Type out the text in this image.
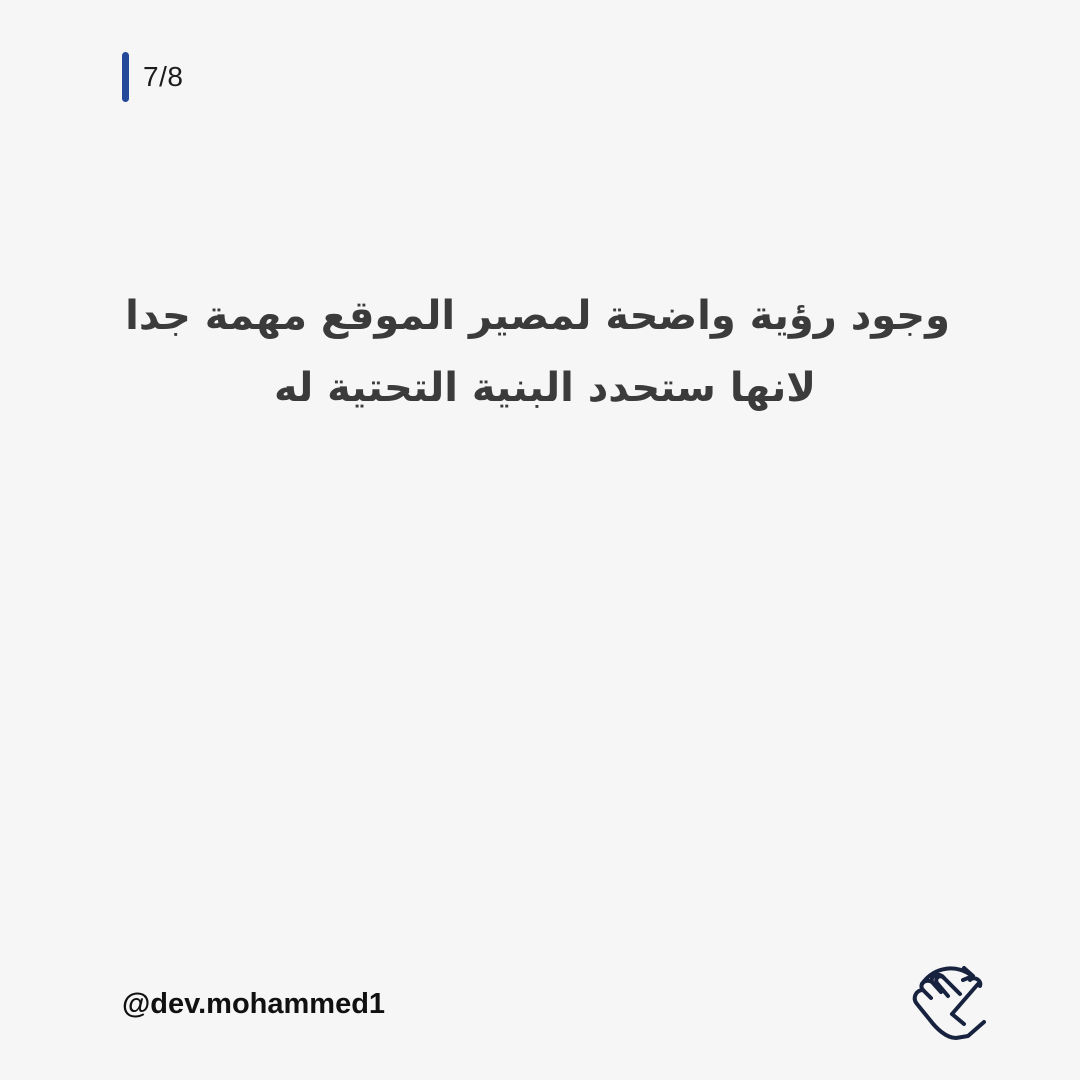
7/8
وجود رؤية واضحة لمصير الموقع مهمة جدا
لانها ستحدد البنية التحتية له
@dev.mohammed1
